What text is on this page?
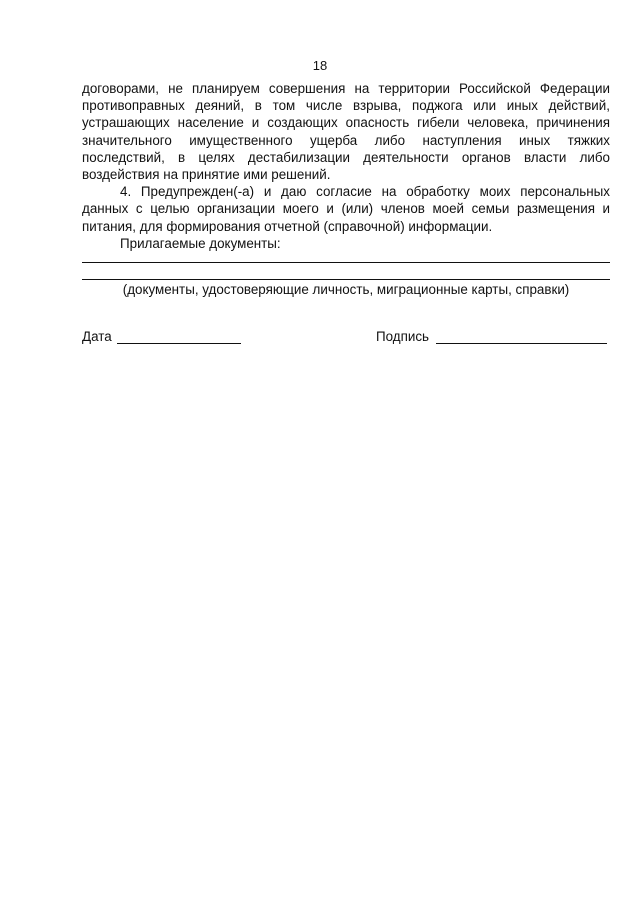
18

договорами, не планируем совершения на территории Российской Федерации противоправных деяний, в том числе взрыва, поджога или иных действий, устрашающих население и создающих опасность гибели человека, причинения значительного имущественного ущерба либо наступления иных тяжких последствий, в целях дестабилизации деятельности органов власти либо воздействия на принятие ими решений.

4. Предупрежден(-а) и даю согласие на обработку моих персональных данных с целью организации моего и (или) членов моей семьи размещения и питания, для формирования отчетной (справочной) информации.

Прилагаемые документы:

(документы, удостоверяющие личность, миграционные карты, справки)
Дата	Подпись
